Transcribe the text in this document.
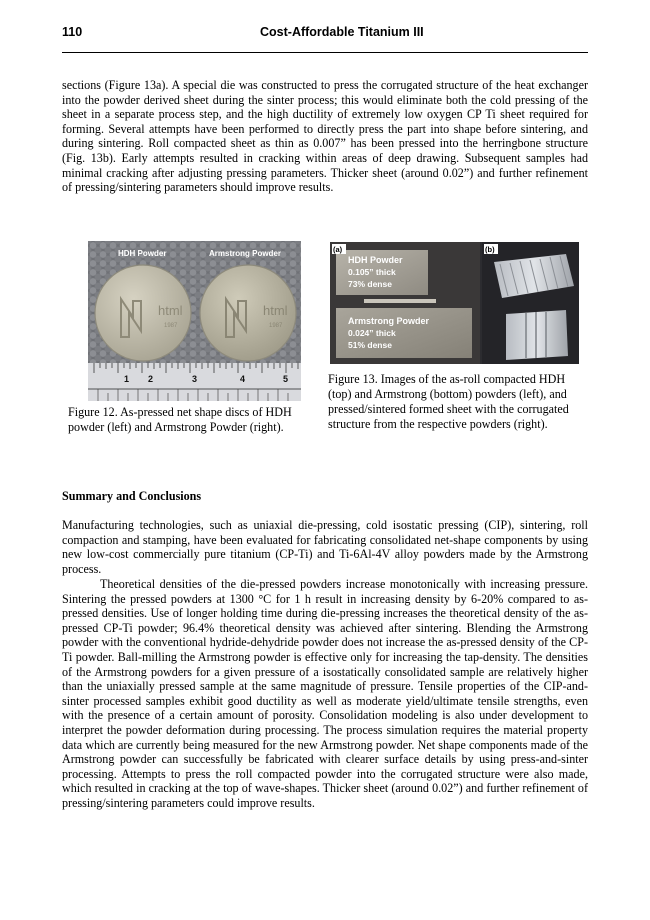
110	Cost-Affordable Titanium III

sections (Figure 13a). A special die was constructed to press the corrugated structure of the heat exchanger into the powder derived sheet during the sinter process; this would eliminate both the cold pressing of the sheet in a separate process step, and the high ductility of extremely low oxygen CP Ti sheet required for forming. Several attempts have been performed to directly press the part into shape before sintering, and during sintering. Roll compacted sheet as thin as 0.007” has been pressed into the herringbone structure (Fig. 13b). Early attempts resulted in cracking within areas of deep drawing. Subsequent samples had minimal cracking after adjusting pressing parameters. Thicker sheet (around 0.02”) and further refinement of pressing/sintering parameters should improve results.

html	html
1987	1987
HDH Powder	Armstrong Powder
1 2	3	4	5
(a)
HDH Powder
0.105” thick
73% dense
Armstrong Powder
0.024” thick
51% dense
(b)

Figure 12. As-pressed net shape discs of HDH powder (left) and Armstrong Powder (right).

Figure 13. Images of the as-roll compacted HDH (top) and Armstrong (bottom) powders (left), and pressed/sintered formed sheet with the corrugated structure from the respective powders (right).

Summary and Conclusions

Manufacturing technologies, such as uniaxial die-pressing, cold isostatic pressing (CIP), sintering, roll compaction and stamping, have been evaluated for fabricating consolidated net-shape components by using new low-cost commercially pure titanium (CP-Ti) and Ti-6Al-4V alloy powders made by the Armstrong process.

Theoretical densities of the die-pressed powders increase monotonically with increasing pressure. Sintering the pressed powders at 1300 °C for 1 h result in increasing density by 6-20% compared to as-pressed densities. Use of longer holding time during die-pressing increases the theoretical density of the as-pressed CP-Ti powder; 96.4% theoretical density was achieved after sintering. Blending the Armstrong powder with the conventional hydride-dehydride powder does not increase the as-pressed density of the CP-Ti powder. Ball-milling the Armstrong powder is effective only for increasing the tap-density. The densities of the Armstrong powders for a given pressure of a isostatically consolidated sample are relatively higher than the uniaxially pressed sample at the same magnitude of pressure. Tensile properties of the CIP-and-sinter processed samples exhibit good ductility as well as moderate yield/ultimate tensile strengths, even with the presence of a certain amount of porosity. Consolidation modeling is also under development to interpret the powder deformation during processing. The process simulation requires the material property data which are currently being measured for the new Armstrong powder. Net shape components made of the Armstrong powder can successfully be fabricated with clearer surface details by using press-and-sinter processing. Attempts to press the roll compacted powder into the corrugated structure were also made, which resulted in cracking at the top of wave-shapes. Thicker sheet (around 0.02”) and further refinement of pressing/sintering parameters could improve results.
